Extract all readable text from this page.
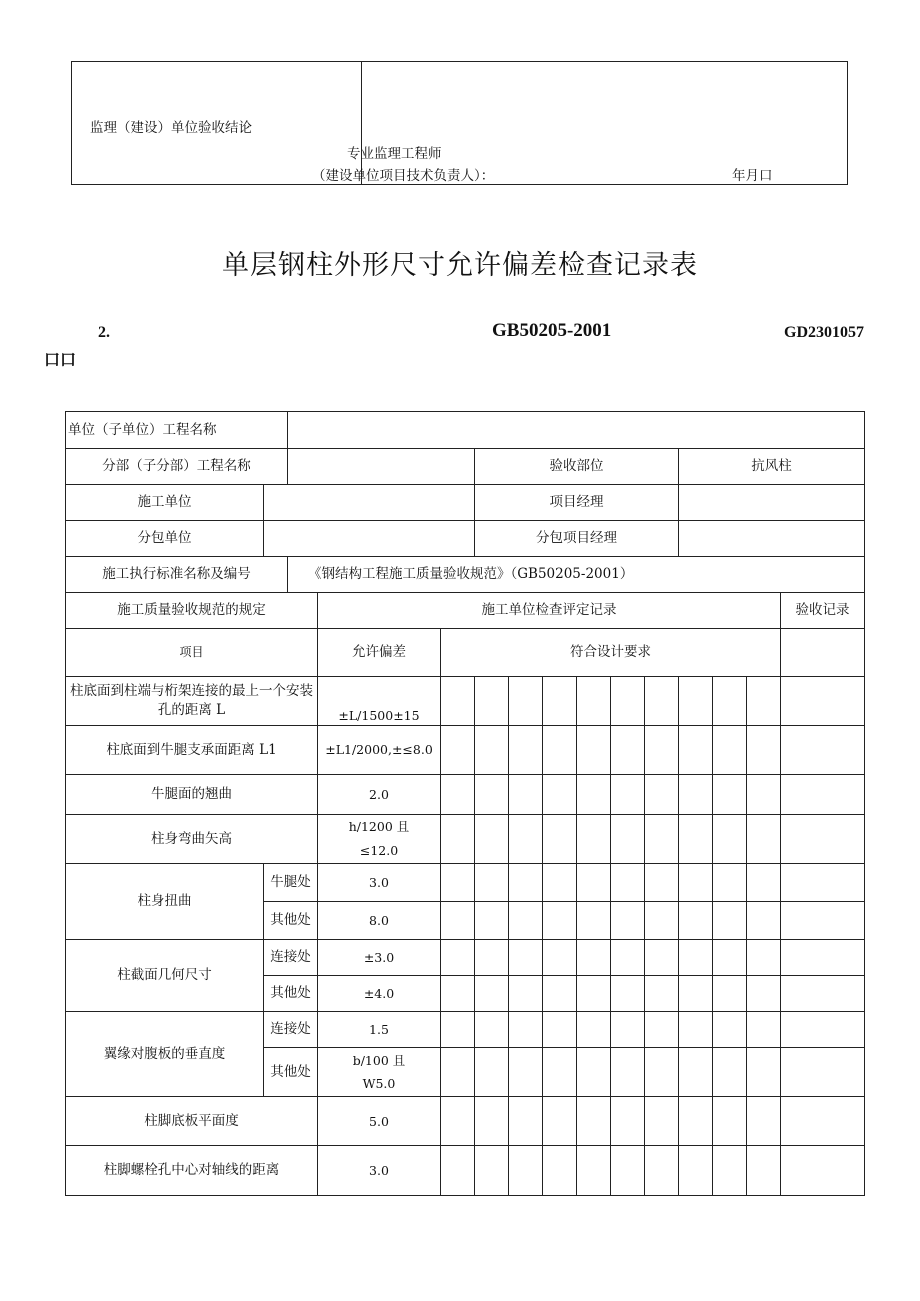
监理（建设）单位验收结论
专业监理工程师
（建设单位项目技术负责人）：	年月口
单层钢柱外形尺寸允许偏差检查记录表
2.	GB50205-2001	GD2301057
口口
单位（子单位）工程名称														
分部（子分部）工程名称					验收部位						抗风柱			
施工单位					项目经理									
分包单位					分包项目经理									
施工执行标准名称及编号		《钢结构工程施工质量验收规范》（GB50205-2001）												
施工质量验收规范的规定			施工单位检查评定记录											验收记录
项目			允许偏差	符合设计要求										
柱底面到柱端与桁架连接的最上一个安装孔的距离 L			±L/1500±15											
柱底面到牛腿支承面距离 L1			±L1/2000,±≤8.0											
牛腿面的翘曲			2.0											
柱身弯曲矢高			h/1200 且≤12.0											
柱身扭曲	牛腿处		3.0											
	其他处		8.0											
柱截面几何尺寸	连接处		±3.0											
	其他处		±4.0											
翼缘对腹板的垂直度	连接处		1.5											
	其他处		b/100 且W5.0											
柱脚底板平面度			5.0											
柱脚螺栓孔中心对轴线的距离			3.0											
